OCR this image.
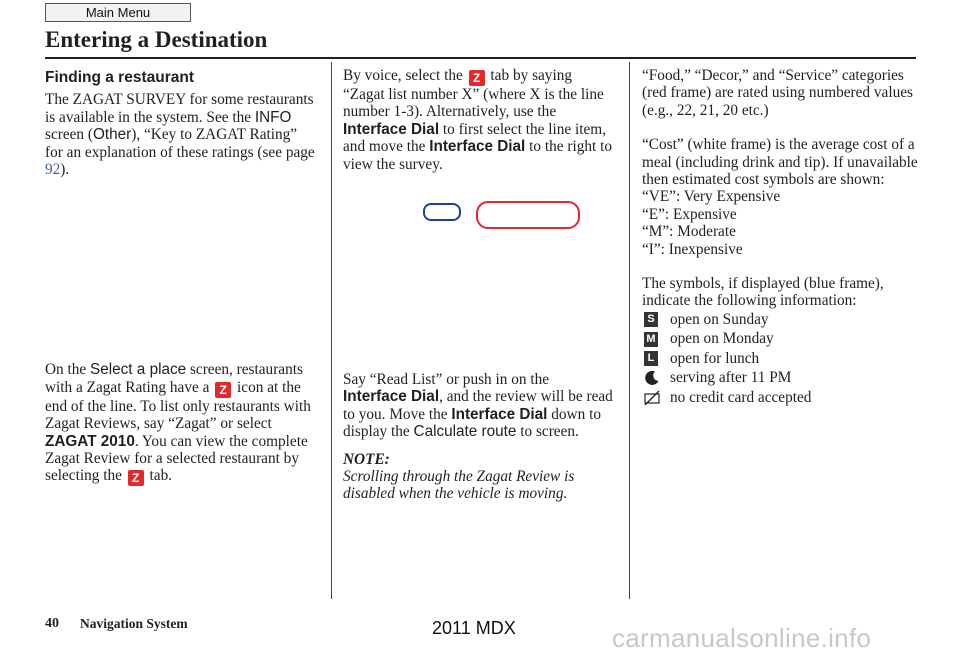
Main Menu
Entering a Destination

Finding a restaurant

The ZAGAT SURVEY for some restaurants is available in the system. See the INFO screen (Other), “Key to ZAGAT Rating” for an explanation of these ratings (see page 92).

On the Select a place screen, restaurants with a Zagat Rating have a Z icon at the end of the line. To list only restaurants with Zagat Reviews, say “Zagat” or select ZAGAT 2010. You can view the complete Zagat Review for a selected restaurant by selecting the Z tab.

By voice, select the Z tab by saying “Zagat list number X” (where X is the line number 1-3). Alternatively, use the Interface Dial to first select the line item, and move the Interface Dial to the right to view the survey.

Say “Read List” or push in on the Interface Dial, and the review will be read to you. Move the Interface Dial down to display the Calculate route to screen.

NOTE:

Scrolling through the Zagat Review is disabled when the vehicle is moving.

“Food,” “Decor,” and “Service” categories (red frame) are rated using numbered values (e.g., 22, 21, 20 etc.)

“Cost” (white frame) is the average cost of a meal (including drink and tip). If unavailable then estimated cost symbols are shown:

“VE”: Very Expensive

“E”: Expensive

“M”: Moderate

“I”: Inexpensive

The symbols, if displayed (blue frame), indicate the following information:

S open on Sunday
M open on Monday
L open for lunch
serving after 11 PM
no credit card accepted
40 Navigation System	2011 MDX	carmanualsonline.info
